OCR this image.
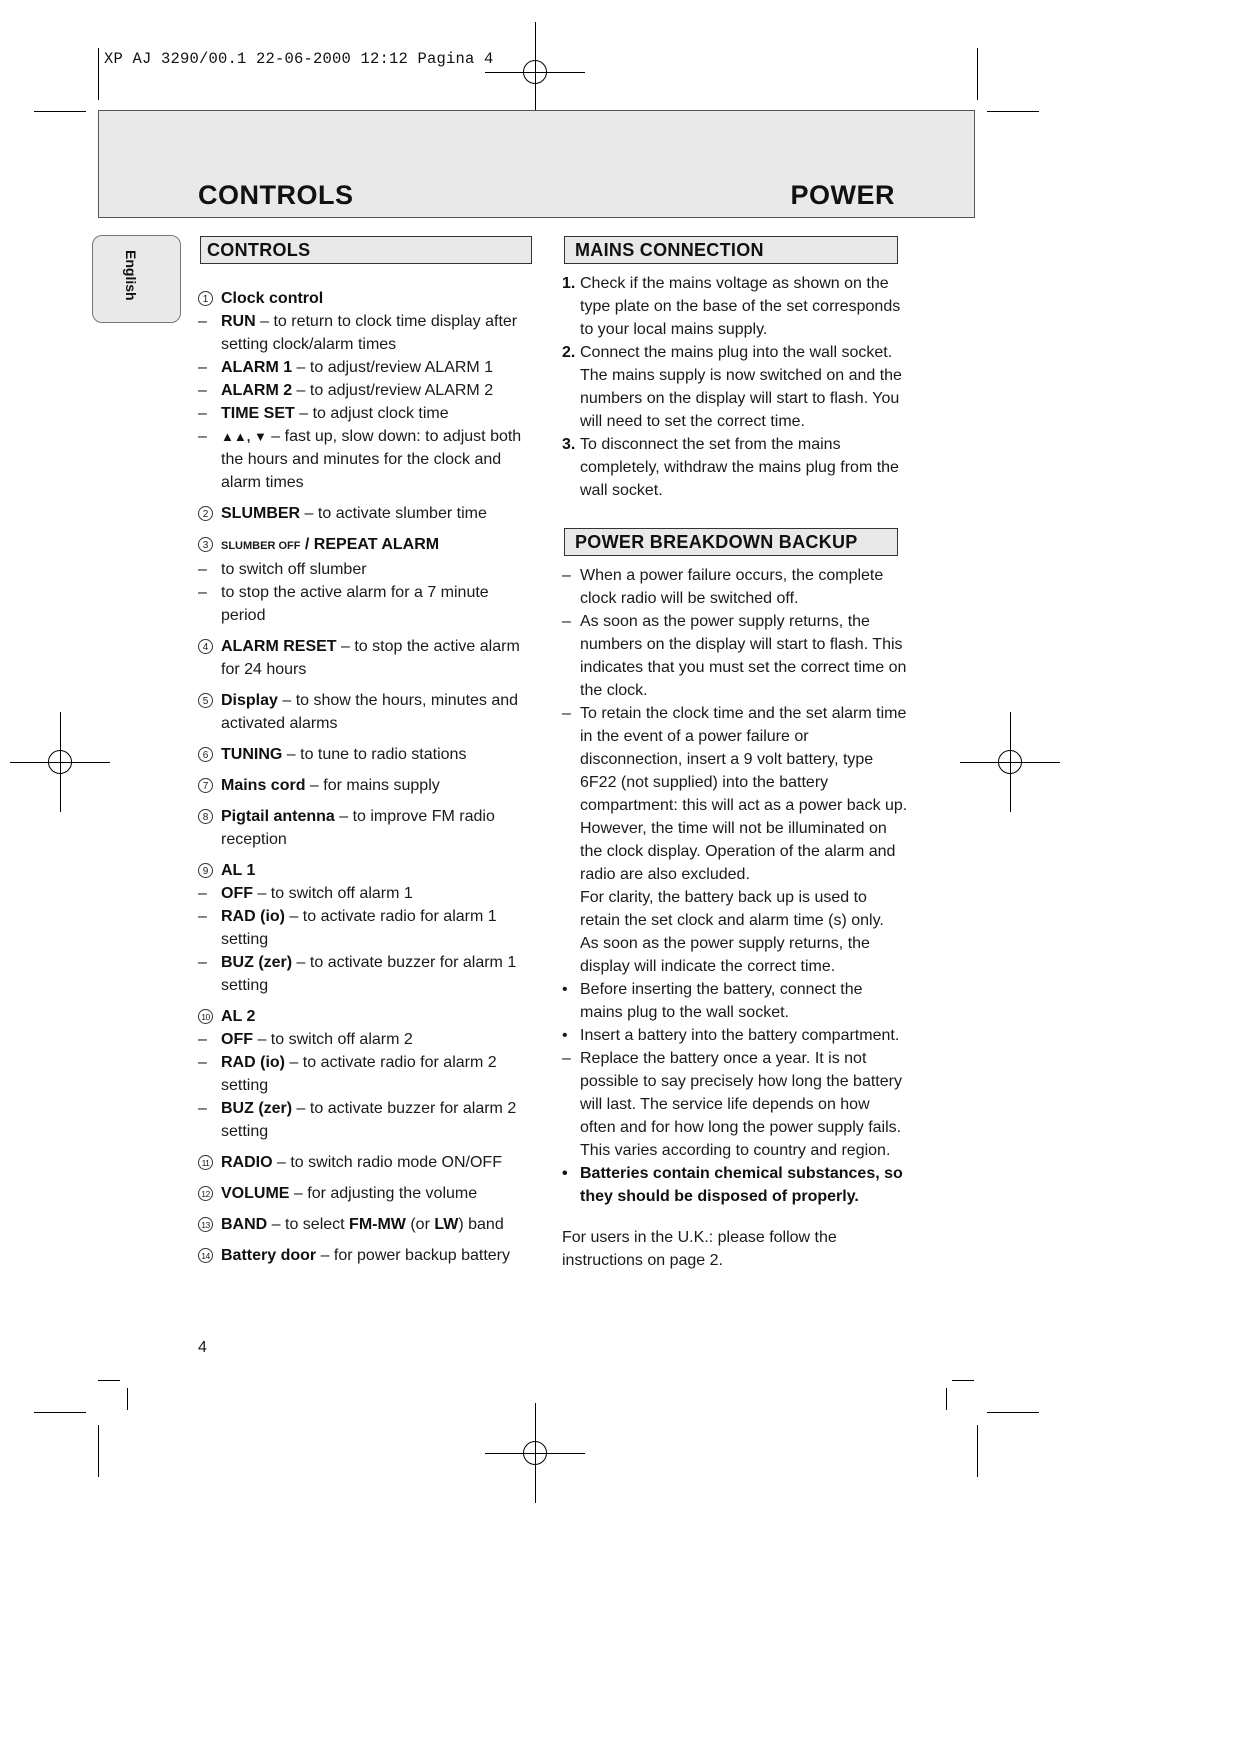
XP AJ 3290/00.1 22-06-2000 12:12 Pagina 4
CONTROLS	POWER
English	CONTROLS
1 Clock control
– RUN – to return to clock time display after setting clock/alarm times
– ALARM 1 – to adjust/review ALARM 1
– ALARM 2 – to adjust/review ALARM 2
– TIME SET – to adjust clock time
– ▲▲, ▼ – fast up, slow down: to adjust both the hours and minutes for the clock and alarm times
2 SLUMBER – to activate slumber time
3	SLUMBER OFF / REPEAT ALARM
– to switch off slumber
– to stop the active alarm for a 7 minute period
4 ALARM RESET – to stop the active alarm for 24 hours
5 Display – to show the hours, minutes and activated alarms
6 TUNING – to tune to radio stations
7 Mains cord – for mains supply
8 Pigtail antenna – to improve FM radio reception
9 AL 1
– OFF – to switch off alarm 1
– RAD (io) – to activate radio for alarm 1 setting
– BUZ (zer) – to activate buzzer for alarm 1 setting
10 AL 2
– OFF – to switch off alarm 2
– RAD (io) – to activate radio for alarm 2 setting
– BUZ (zer) – to activate buzzer for alarm 2 setting
11 RADIO – to switch radio mode ON/OFF
12 VOLUME – for adjusting the volume
13 BAND – to select FM-MW (or LW) band
14 Battery door – for power backup battery
MAINS CONNECTION
1. Check if the mains voltage as shown on the type plate on the base of the set corresponds to your local mains supply.
2. Connect the mains plug into the wall socket. The mains supply is now switched on and the numbers on the display will start to flash. You will need to set the correct time.
3. To disconnect the set from the mains completely, withdraw the mains plug from the wall socket.
POWER BREAKDOWN BACKUP
– When a power failure occurs, the complete clock radio will be switched off.
– As soon as the power supply returns, the numbers on the display will start to flash. This indicates that you must set the correct time on the clock.
– To retain the clock time and the set alarm time in the event of a power failure or disconnection, insert a 9 volt battery, type 6F22 (not supplied) into the battery compartment: this will act as a power back up. However, the time will not be illuminated on the clock display. Operation of the alarm and radio are also excluded.
For clarity, the battery back up is used to retain the set clock and alarm time (s) only.
As soon as the power supply returns, the display will indicate the correct time.
• Before inserting the battery, connect the mains plug to the wall socket.
• Insert a battery into the battery compartment.
– Replace the battery once a year. It is not possible to say precisely how long the battery will last. The service life depends on how often and for how long the power supply fails. This varies according to country and region.
• Batteries contain chemical substances, so they should be disposed of properly.
For users in the U.K.: please follow the instructions on page 2.
4
